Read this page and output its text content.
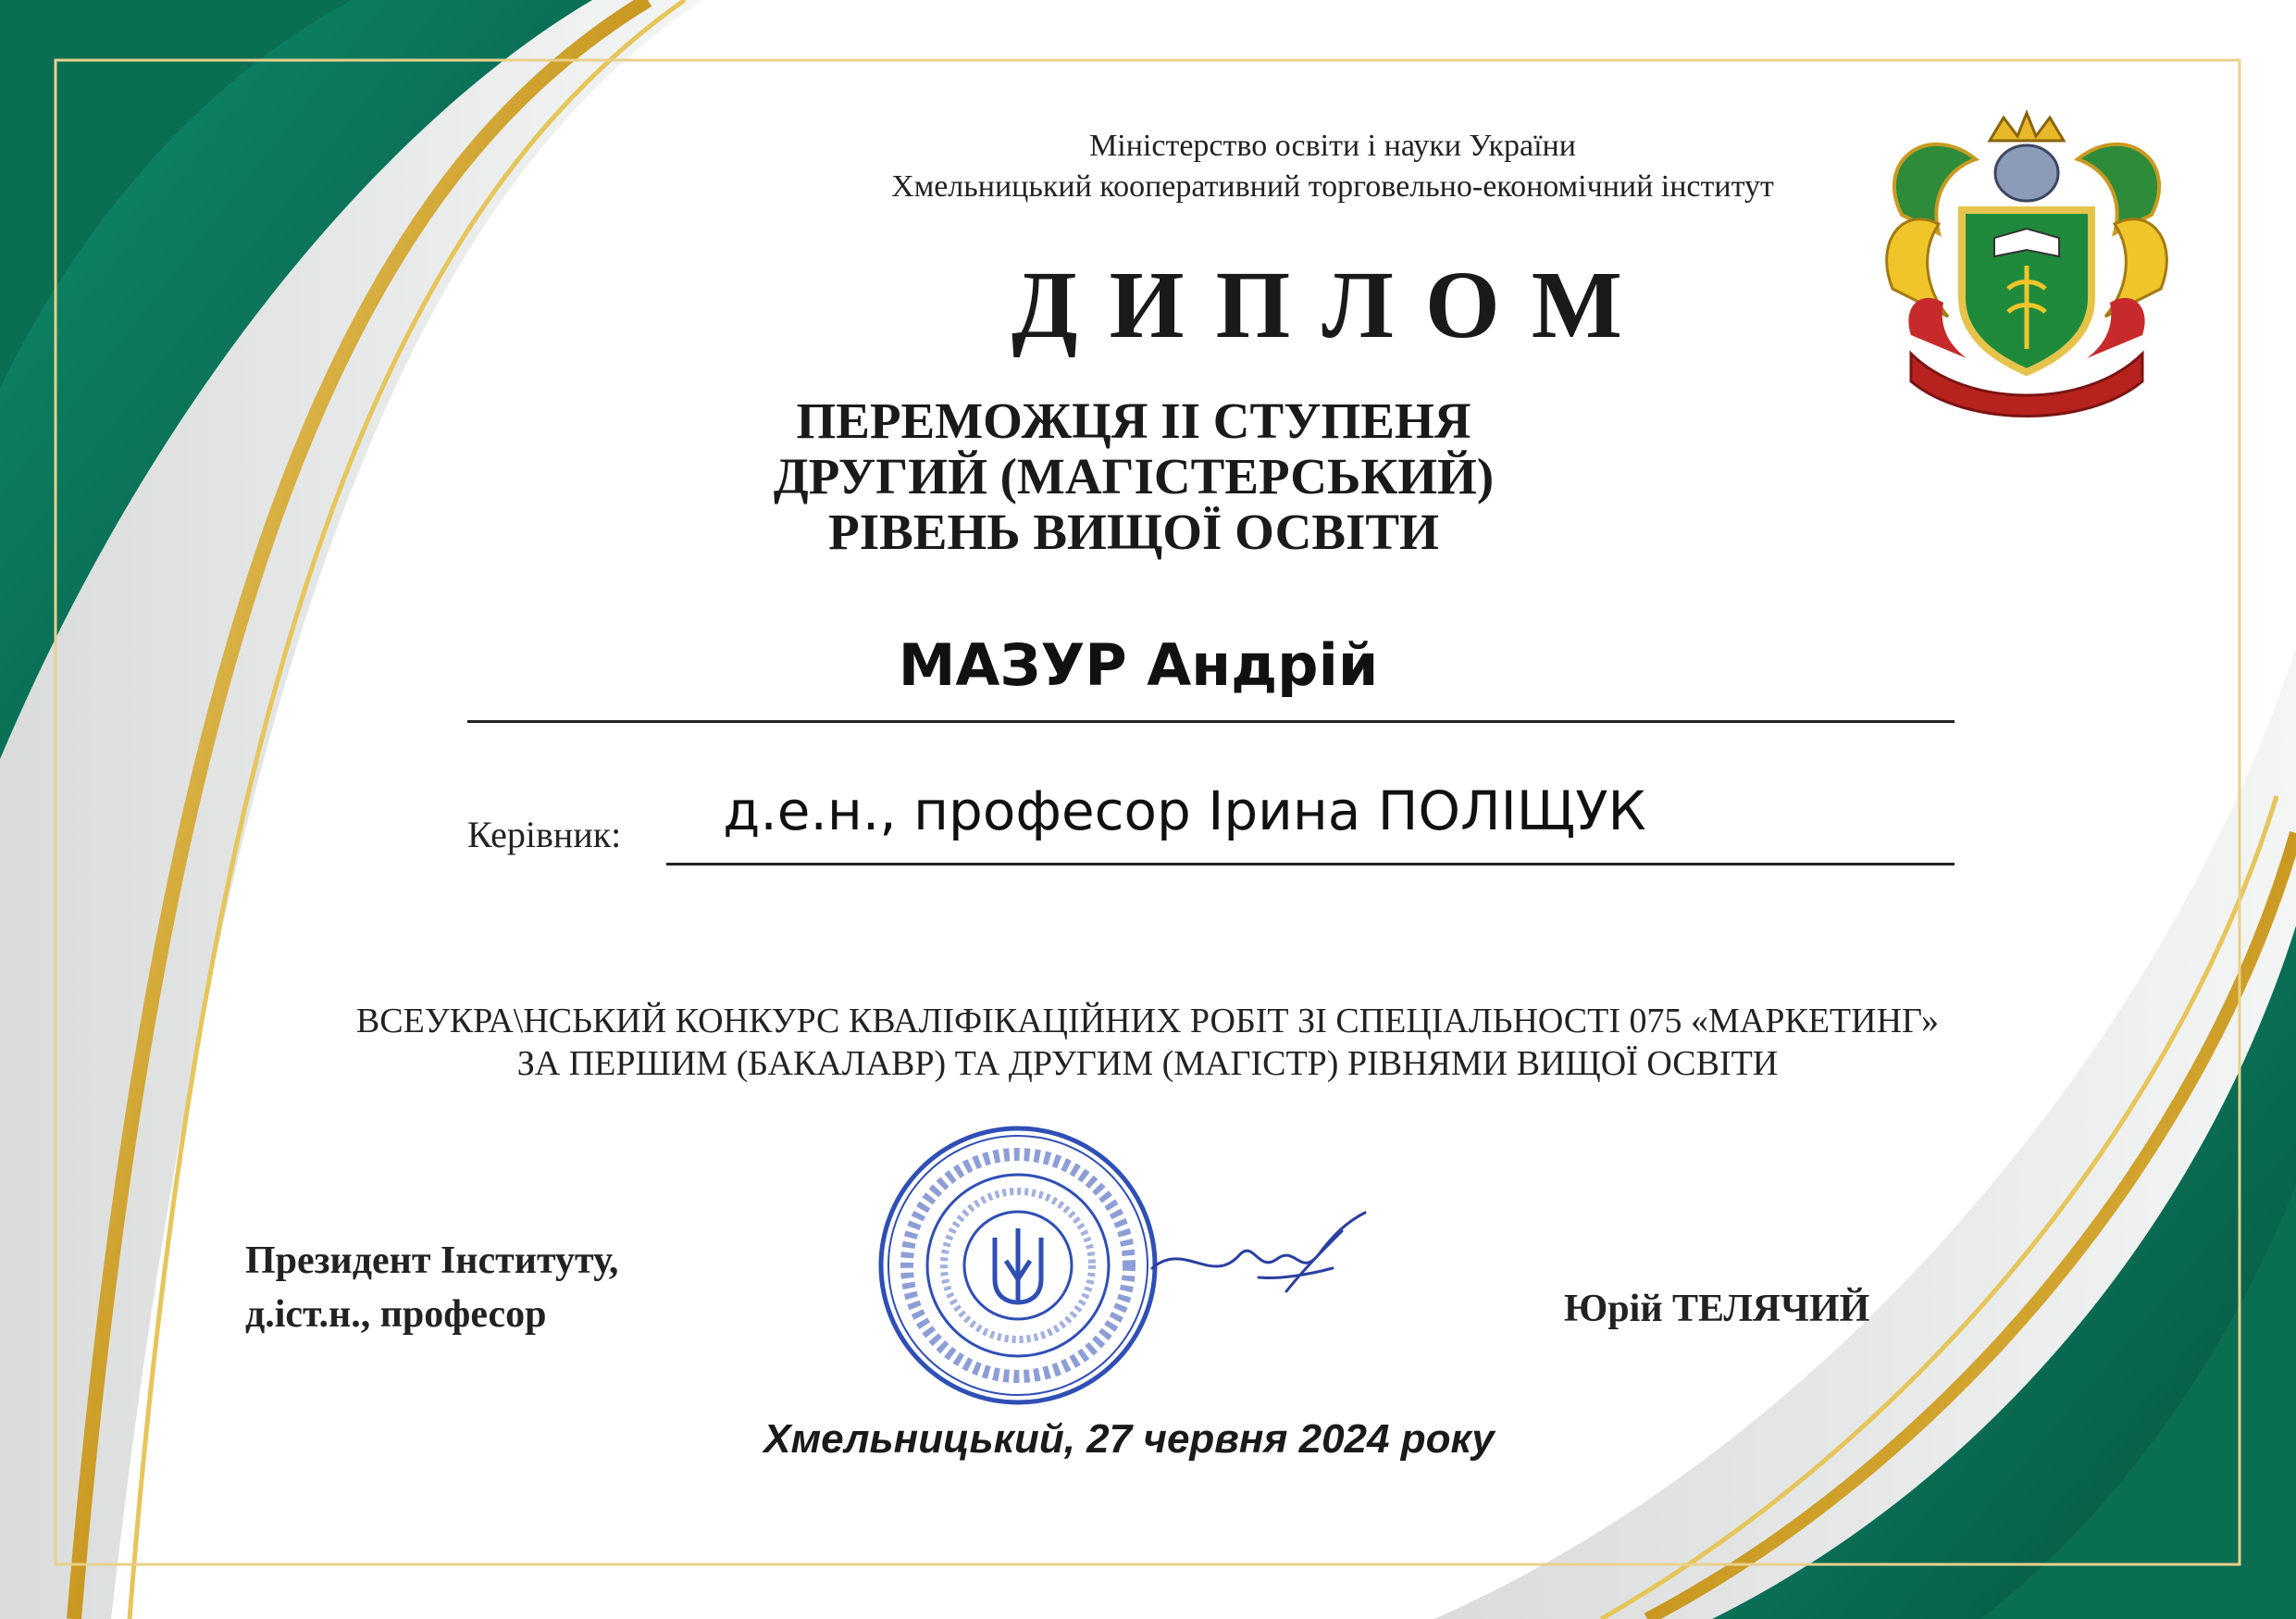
Міністерство освіти і науки України
Хмельницький кооперативний торговельно-економічний інститут
ДИПЛОМ
ПЕРЕМОЖЦЯ ІІ СТУПЕНЯ
ДРУГИЙ (МАГІСТЕРСЬКИЙ)
РІВЕНЬ ВИЩОЇ ОСВІТИ
МАЗУР Андрій
Керівник:	д.е.н., професор Ірина ПОЛІЩУК
ВСЕУКРА\НСЬКИЙ КОНКУРС КВАЛІФІКАЦІЙНИХ РОБІТ ЗІ СПЕЦІАЛЬНОСТІ 075 «МАРКЕТИНГ»
ЗА ПЕРШИМ (БАКАЛАВР) ТА ДРУГИМ (МАГІСТР) РІВНЯМИ ВИЩОЇ ОСВІТИ
Президент Інституту,
д.іст.н., професор	Юрій ТЕЛЯЧИЙ
Хмельницький, 27 червня 2024 року
